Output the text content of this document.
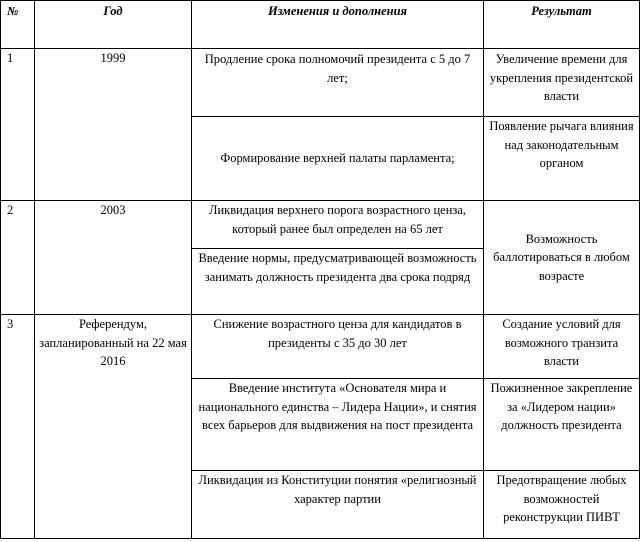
№	Год	Изменения и дополнения	Результат
1	1999	Продление срока полномочий президента с 5 до 7 лет;	Увеличение времени для укрепления президентской власти
		Формирование верхней палаты парламента;	Появление рычага влияния над законодательным органом
2	2003	Ликвидация верхнего порога возрастного ценза, который ранее был определен на 65 лет	Возможность баллотироваться в любом возрасте
		Введение нормы, предусматривающей возможность занимать должность президента два срока подряд	
3	Референдум, запланированный на 22 мая 2016	Снижение возрастного ценза для кандидатов в президенты с 35 до 30 лет	Создание условий для возможного транзита власти
		Введение института «Основателя мира и национального единства – Лидера Нации», и снятия всех барьеров для выдвижения на пост президента	Пожизненное закрепление за «Лидером нации» должность президента
		Ликвидация из Конституции понятия «религиозный характер партии	Предотвращение любых возможностей реконструкции ПИВТ
